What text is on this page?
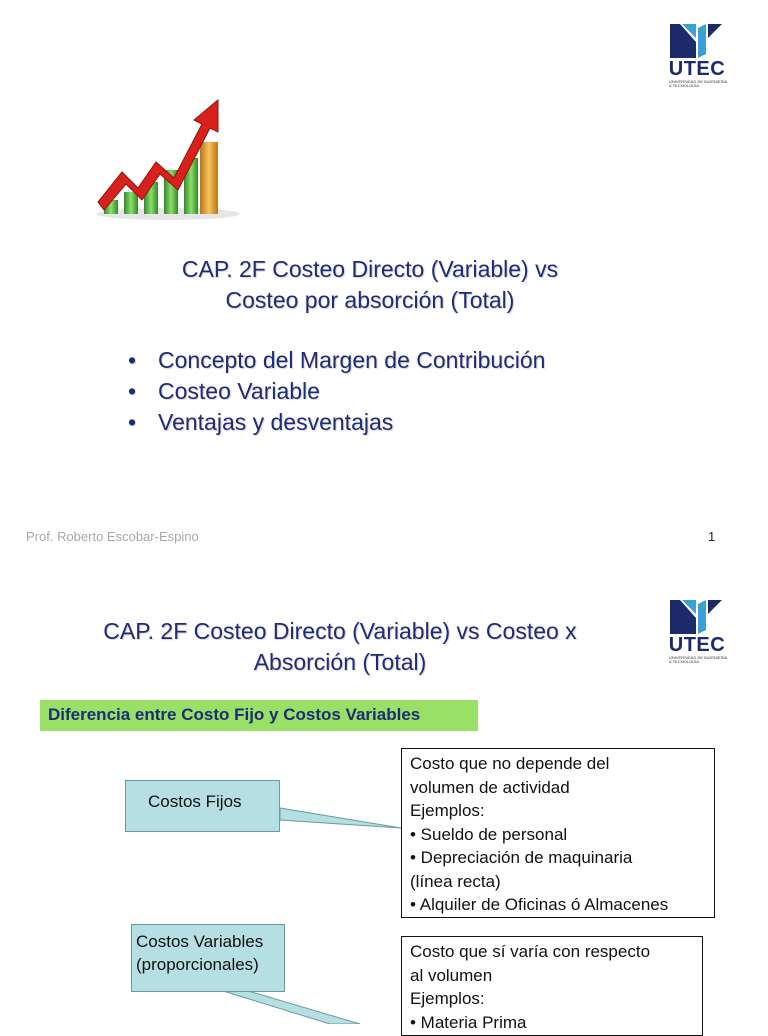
UTEC
UNIVERSIDAD DE INGENIERÍA
& TECNOLOGÍA
CAP. 2F Costeo Directo (Variable) vs
Costeo por absorción (Total)
• Concepto del Margen de Contribución
• Costeo Variable
• Ventajas y desventajas
Prof. Roberto Escobar-Espino	1
CAP. 2F Costeo Directo (Variable) vs Costeo x
Absorción (Total)
UTEC
UNIVERSIDAD DE INGENIERÍA
& TECNOLOGÍA
Diferencia entre Costo Fijo y Costos Variables
Costos Fijos
Costos Variables
(proporcionales)
Costo que no depende del
volumen de actividad
Ejemplos:
• Sueldo de personal
• Depreciación de maquinaria
(línea recta)
• Alquiler de Oficinas ó Almacenes
Costo que sí varía con respecto
al volumen
Ejemplos:
• Materia Prima
